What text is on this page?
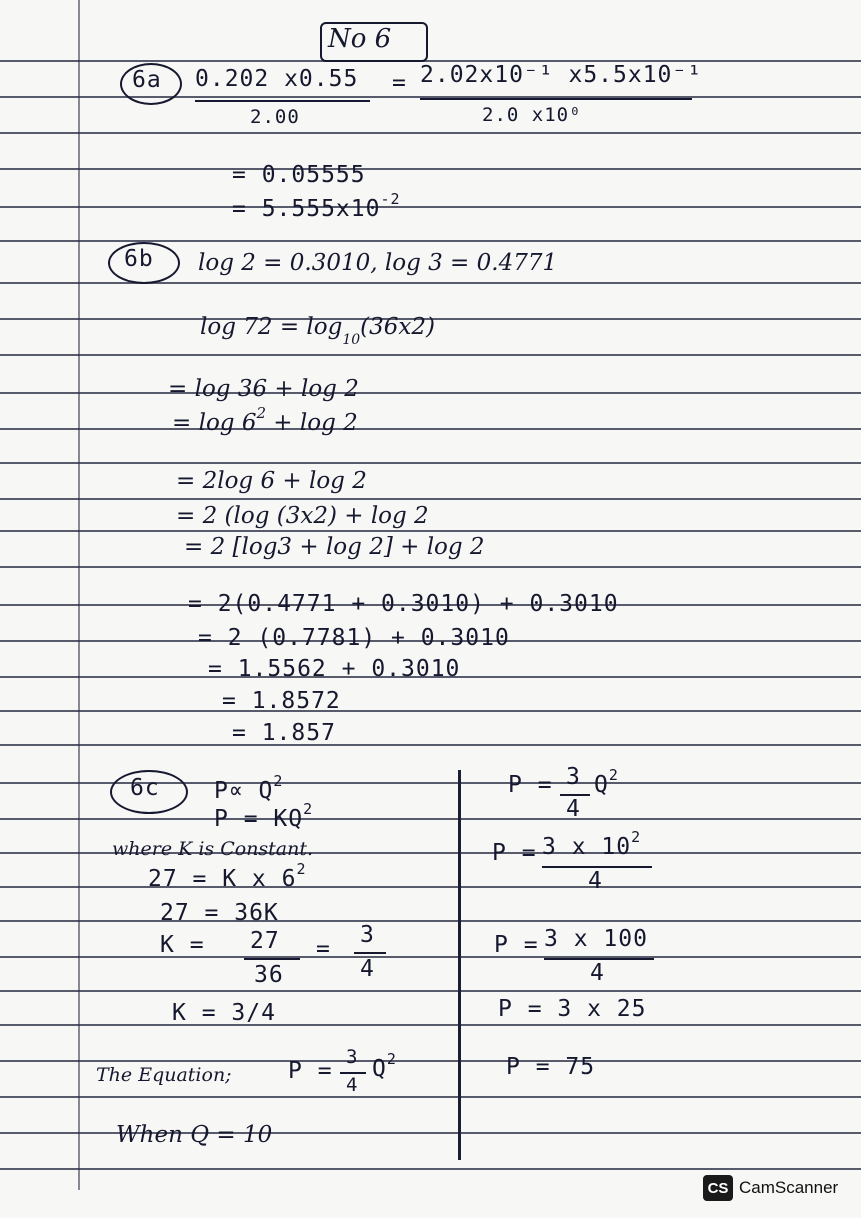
No 6
6a 0.202 x0.55
2.00
= 2.02x10⁻¹ x5.5x10⁻¹
2.0 x10⁰
= 0.05555
= $5.555x10^{-2}$
6b log 2 = 0.3010, log 3 = 0.4771
$\log 72 = \log_{10}(36x2)$
= log 36 + log 2
= $\log 6^2 + \log 2$
= 2log 6 + log 2
= 2 (log (3x2) + log 2
= 2 [log3 + log 2] + log 2
= 2(0.4771 + 0.3010) + 0.3010
= 2 (0.7781) + 0.3010
= 1.5562 + 0.3010
= 1.8572
= 1.857
6c $P\propto Q^2$
$P = KQ^2$
where K is Constant.
27 = K x $6^2$
27 = 36K
K = 27
36
=
3
4
K = 3/4
The Equation; P =
3
4
$Q^2$
When Q = 10
P = 3
4
$Q^2$
P = 3 x $10^2$
4
P = 3 x 100
4
P = 3 x 25
P = 75
CS CamScanner
